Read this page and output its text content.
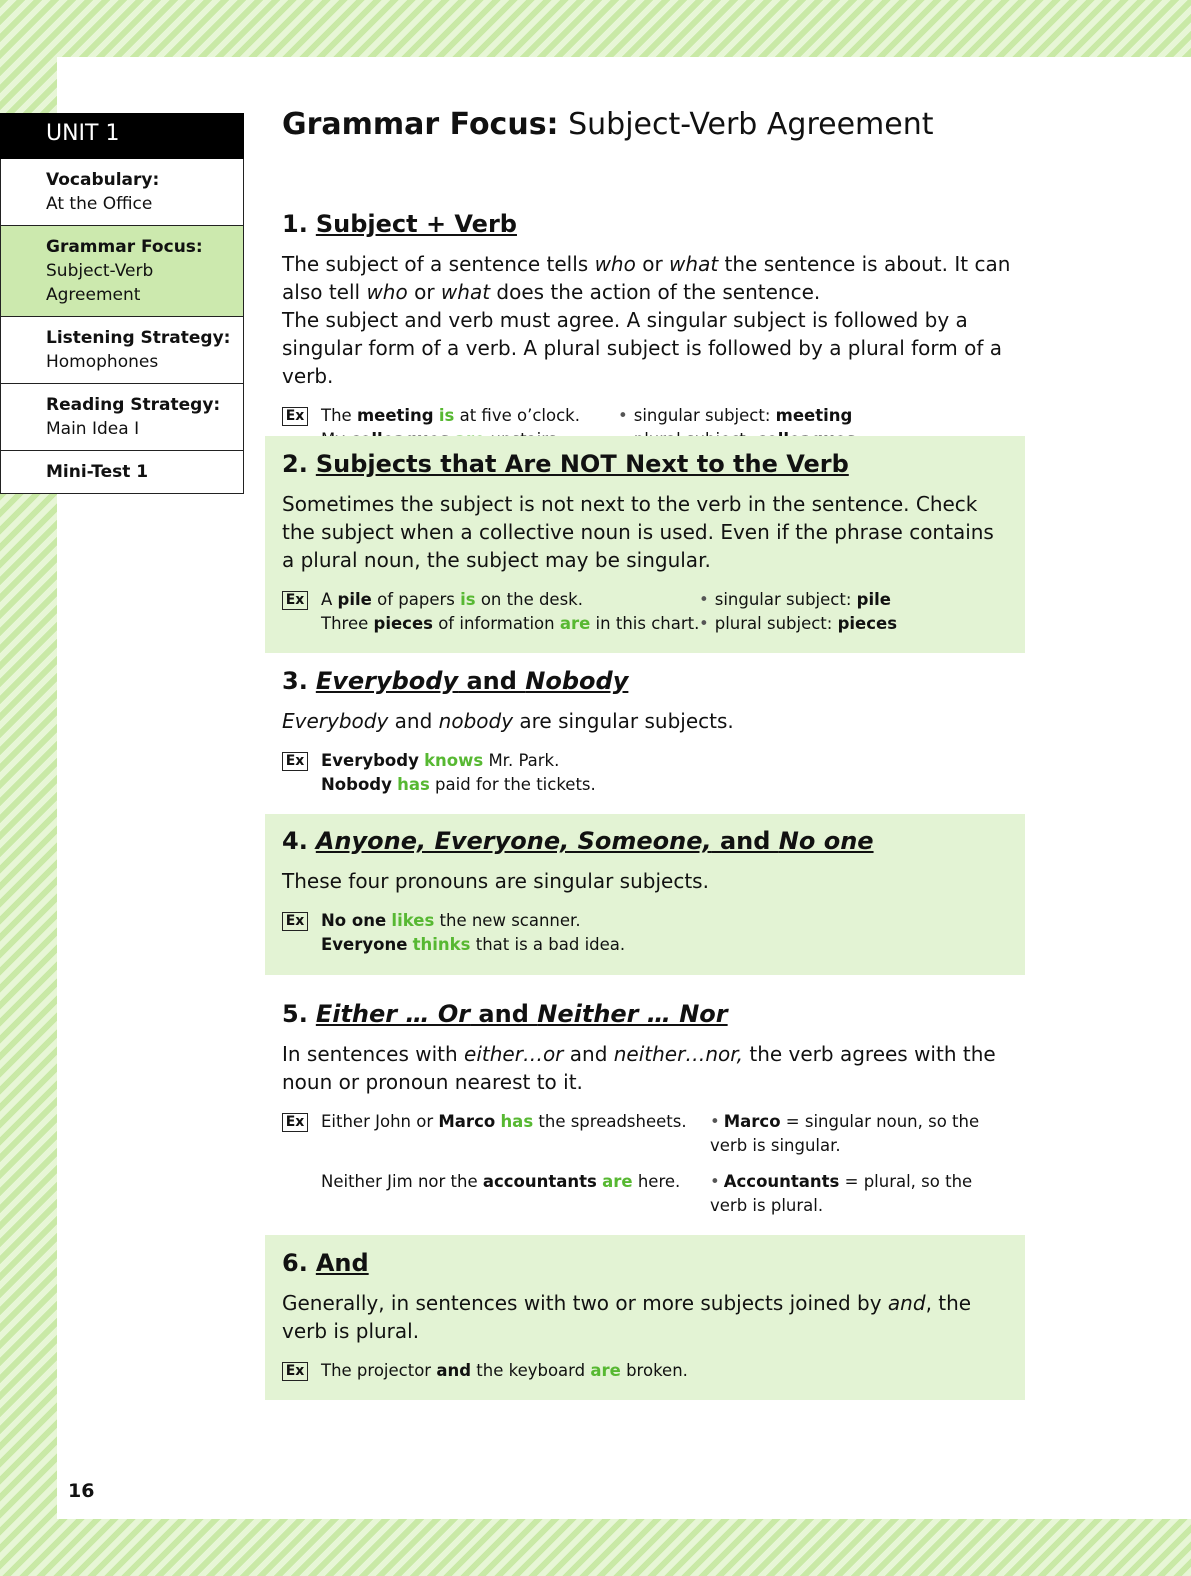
UNIT 1
Vocabulary:
At the Office
Grammar Focus:
Subject-Verb Agreement
Listening Strategy:
Homophones
Reading Strategy:
Main Idea I
Mini-Test 1
16
Grammar Focus: Subject-Verb Agreement
1. Subject + Verb

The subject of a sentence tells who or what the sentence is about. It can also tell who or what does the action of the sentence.
The subject and verb must agree. A singular subject is followed by a singular form of a verb. A plural subject is followed by a plural form of a verb.

Ex The meeting is at five o’clock.	• singular subject: meeting
2. Subjects that Are NOT Next to the Verb

Sometimes the subject is not next to the verb in the sentence. Check the subject when a collective noun is used. Even if the phrase contains a plural noun, the subject may be singular.

Ex A pile of papers is on the desk.
Three pieces of information are in this chart.
• singular subject: pile
• plural subject: pieces
3. Everybody and Nobody

Everybody and nobody are singular subjects.

Ex Everybody knows Mr. Park.
Nobody has paid for the tickets.
4. Anyone, Everyone, Someone, and No one

These four pronouns are singular subjects.

Ex No one likes the new scanner.
Everyone thinks that is a bad idea.
5. Either … Or and Neither … Nor

In sentences with either…or and neither…nor, the verb agrees with the noun or pronoun nearest to it.

Ex Either John or Marco has the spreadsheets.
Neither Jim nor the accountants are here.
• Marco = singular noun, so the verb is singular.
• Accountants = plural, so the verb is plural.
6. And

Generally, in sentences with two or more subjects joined by and, the verb is plural.

Ex The projector and the keyboard are broken.
